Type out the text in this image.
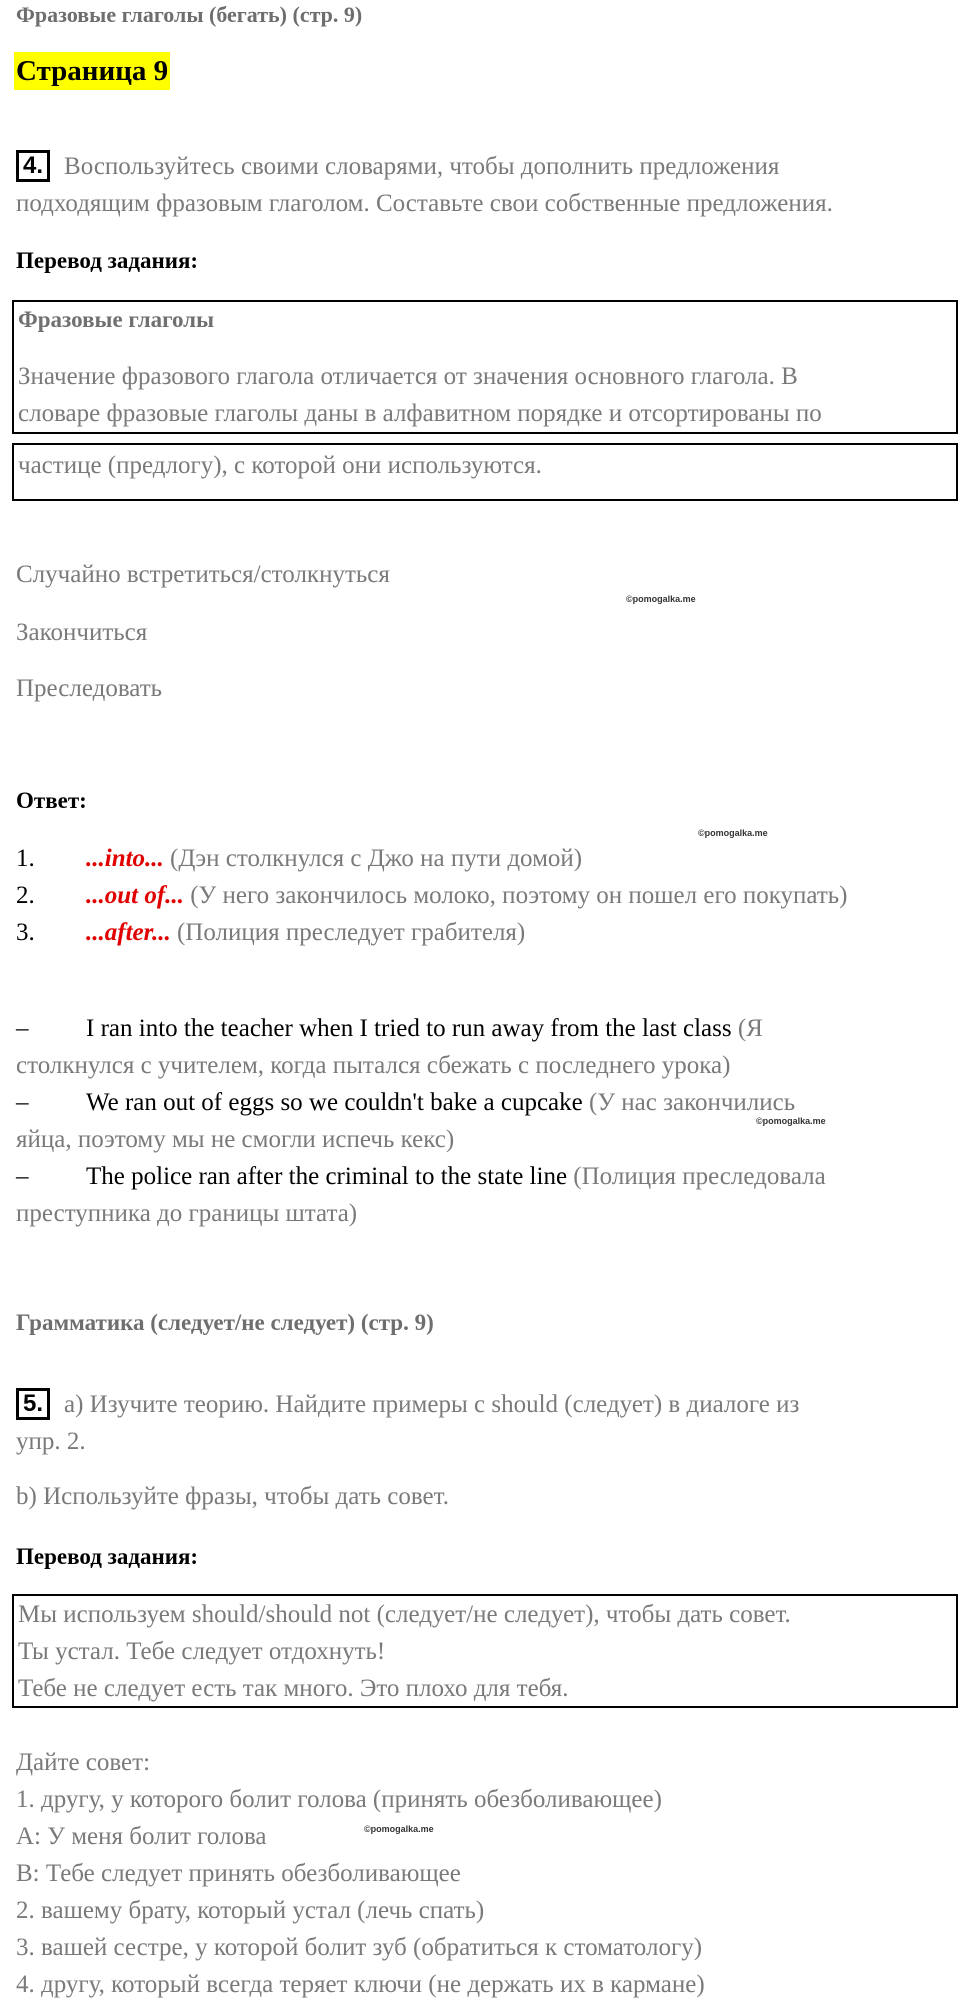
Фразовые глаголы (бегать) (стр. 9)
Страница 9
4. Воспользуйтесь своими словарями, чтобы дополнить предложения
подходящим фразовым глаголом. Составьте свои собственные предложения.
Перевод задания:
Фразовые глаголы
Значение фразового глагола отличается от значения основного глагола. В
словаре фразовые глаголы даны в алфавитном порядке и отсортированы по
частице (предлогу), с которой они используются.
Случайно встретиться/столкнуться
©pomogalka.me
Закончиться
Преследовать
Ответ:
©pomogalka.me
1. ...into... (Дэн столкнулся с Джо на пути домой)
2. ...out of... (У него закончилось молоко, поэтому он пошел его покупать)
3. ...after... (Полиция преследует грабителя)
– I ran into the teacher when I tried to run away from the last class (Я
столкнулся с учителем, когда пытался сбежать с последнего урока)
– We ran out of eggs so we couldn't bake a cupcake (У нас закончились
©pomogalka.me
яйца, поэтому мы не смогли испечь кекс)
– The police ran after the criminal to the state line (Полиция преследовала
преступника до границы штата)
Грамматика (следует/не следует) (стр. 9)
5. a) Изучите теорию. Найдите примеры с should (следует) в диалоге из
упр. 2.
b) Используйте фразы, чтобы дать совет.
Перевод задания:
Мы используем should/should not (следует/не следует), чтобы дать совет.
Ты устал. Тебе следует отдохнуть!
Тебе не следует есть так много. Это плохо для тебя.
Дайте совет:
1. другу, у которого болит голова (принять обезболивающее)
A: У меня болит голова	©pomogalka.me
B: Тебе следует принять обезболивающее
2. вашему брату, который устал (лечь спать)
3. вашей сестре, у которой болит зуб (обратиться к стоматологу)
4. другу, который всегда теряет ключи (не держать их в кармане)
